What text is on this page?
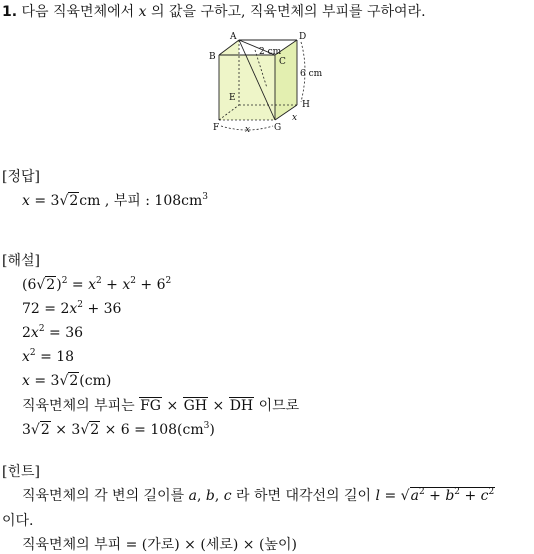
1. 다음 직육면체에서 x 의 값을 구하고, 직육면체의 부피를 구하여라.
A
B	C
D
E
F	G
H
2 cm
6 cm
x
x
[정답]
x = 3√2cm , 부피 : $108cm^3$
[해설]
$(6√2)^2 = x^2 + x^2 + 6^2$
$72 = 2x^2 + 36$
$2x^2 = 36$
$x^2 = 18$
x = 3√2(cm)
직육면체의 부피는 FG × GH × DH 이므로
$3√2 \times 3√2 \times 6 = 108(cm^3)$
[힌트]
직육면체의 각 변의 길이를 a, b, c 라 하면 대각선의 길이 $l = √a^2 + b^2 + c^2$
이다.
직육면체의 부피 = (가로) × (세로) × (높이)
